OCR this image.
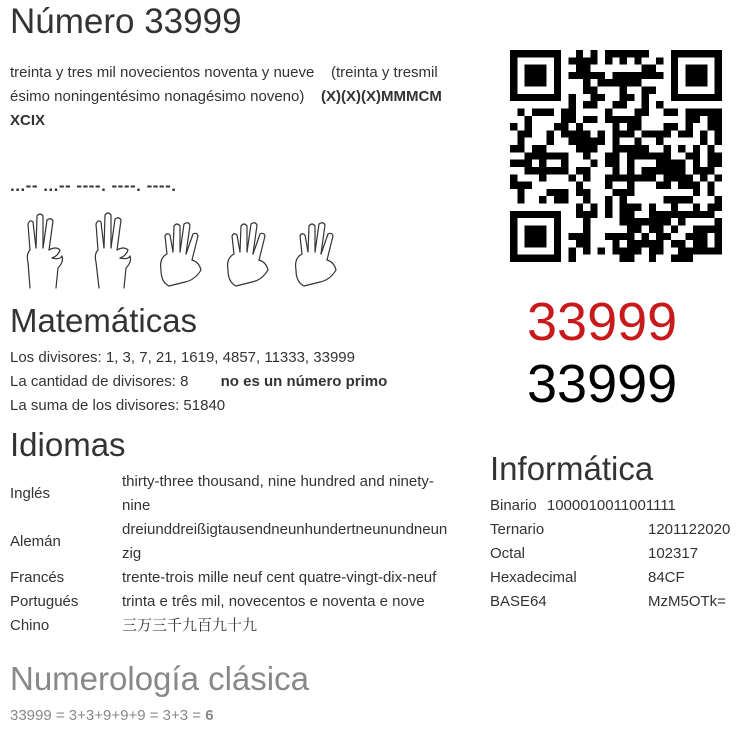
Número 33999
treinta y tres mil novecientos noventa y nueve (treinta y tresmil
ésimo noningentésimo nonagésimo noveno) (X)(X)(X)MMMCM
XCIX
...-- ...-- ----. ----. ----.

33999
33999
Matemáticas
Los divisores: 1, 3, 7, 21, 1619, 4857, 11333, 33999
La cantidad de divisores: 8 no es un número primo
La suma de los divisores: 51840
Idiomas
Inglés	thirty-three thousand, nine hundred and ninety-
nine

Alemán	dreiunddreißigtausendneunhundertneunundneun
zig

Francés	trente-trois mille neuf cent quatre-vingt-dix-neuf

Portugués	trinta e três mil, novecentos e noventa e nove

Chino	三万三千九百九十九
Informática
Binario 1000010011001111
Ternario	1201122020
Octal	102317
Hexadecimal	84CF
BASE64	MzM5OTk=
Numerología clásica
33999 = 3+3+9+9+9 = 3+3 = 6
